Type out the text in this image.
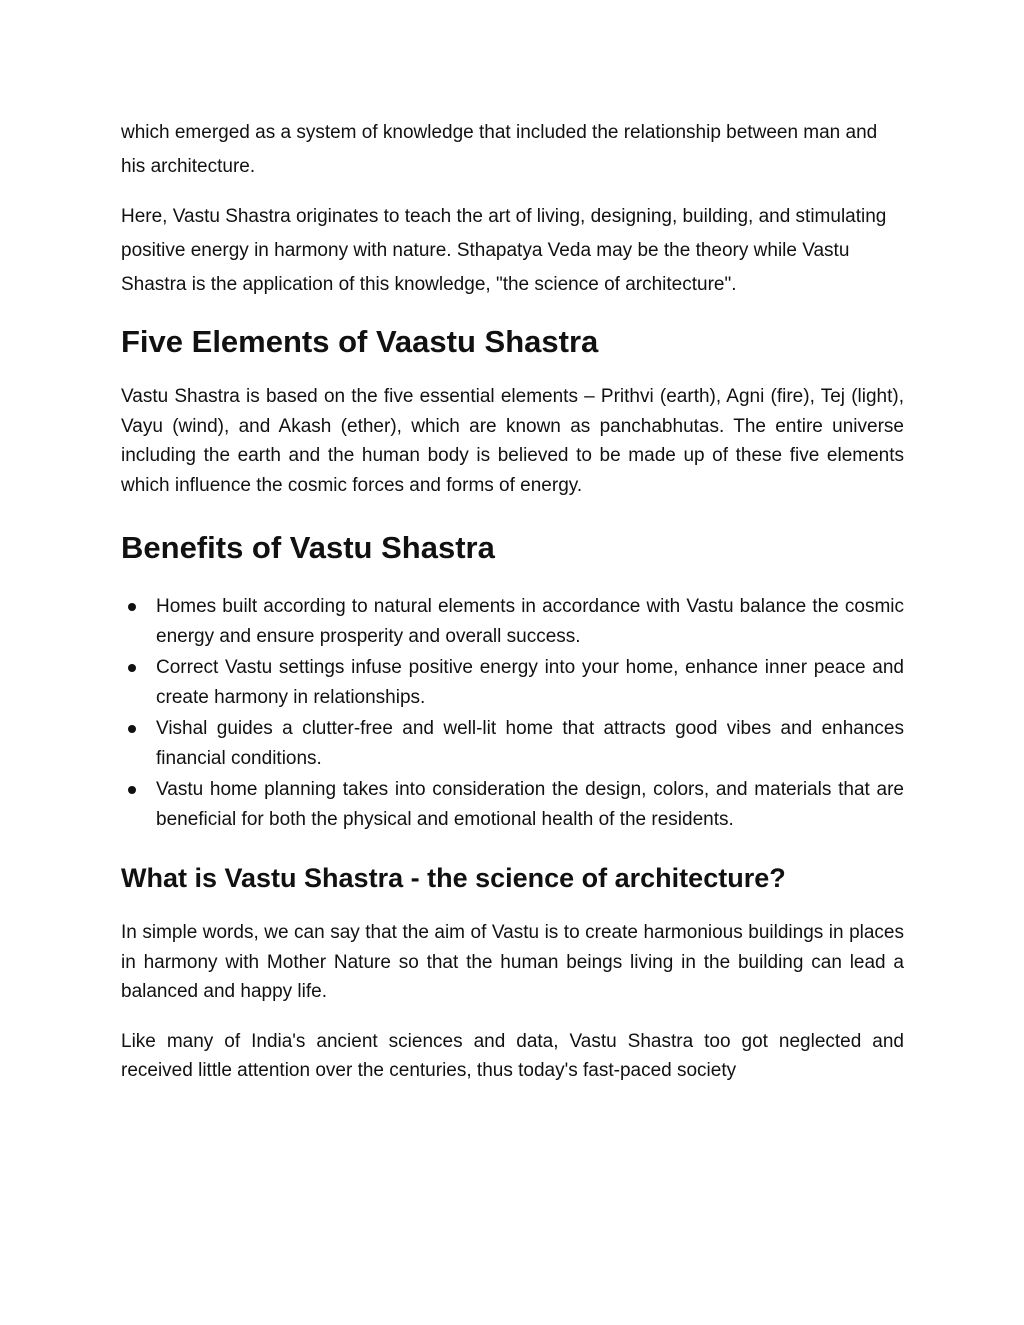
which emerged as a system of knowledge that included the relationship between man and his architecture.

Here, Vastu Shastra originates to teach the art of living, designing, building, and stimulating positive energy in harmony with nature. Sthapatya Veda may be the theory while Vastu Shastra is the application of this knowledge, "the science of architecture".

Five Elements of Vaastu Shastra

Vastu Shastra is based on the five essential elements – Prithvi (earth), Agni (fire), Tej (light), Vayu (wind), and Akash (ether), which are known as panchabhutas. The entire universe including the earth and the human body is believed to be made up of these five elements which influence the cosmic forces and forms of energy.

Benefits of Vastu Shastra
Homes built according to natural elements in accordance with Vastu balance the cosmic energy and ensure prosperity and overall success.
Correct Vastu settings infuse positive energy into your home, enhance inner peace and create harmony in relationships.
Vishal guides a clutter-free and well-lit home that attracts good vibes and enhances financial conditions.
Vastu home planning takes into consideration the design, colors, and materials that are beneficial for both the physical and emotional health of the residents.
What is Vastu Shastra - the science of architecture?

In simple words, we can say that the aim of Vastu is to create harmonious buildings in places in harmony with Mother Nature so that the human beings living in the building can lead a balanced and happy life.

Like many of India's ancient sciences and data, Vastu Shastra too got neglected and received little attention over the centuries, thus today's fast-paced society
